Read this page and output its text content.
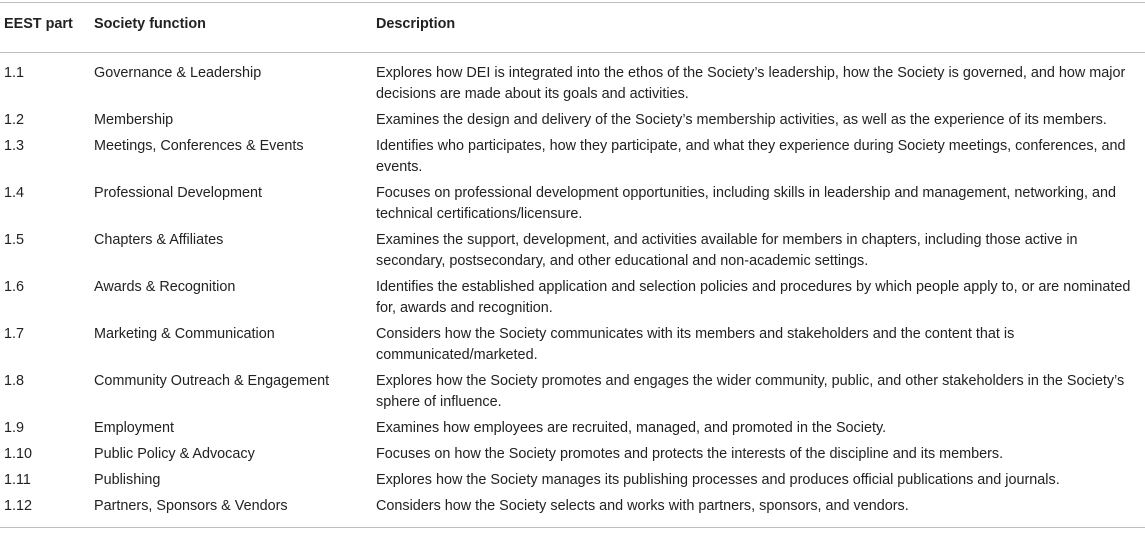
EEST part	Society function	Description
1.1	Governance & Leadership	Explores how DEI is integrated into the ethos of the Society’s leadership, how the Society is governed, and how major decisions are made about its goals and activities.
1.2	Membership	Examines the design and delivery of the Society’s membership activities, as well as the experience of its members.
1.3	Meetings, Conferences & Events	Identifies who participates, how they participate, and what they experience during Society meetings, conferences, and events.
1.4	Professional Development	Focuses on professional development opportunities, including skills in leadership and management, networking, and technical certifications/licensure.
1.5	Chapters & Affiliates	Examines the support, development, and activities available for members in chapters, including those active in secondary, postsecondary, and other educational and non-academic settings.
1.6	Awards & Recognition	Identifies the established application and selection policies and procedures by which people apply to, or are nominated for, awards and recognition.
1.7	Marketing & Communication	Considers how the Society communicates with its members and stakeholders and the content that is communicated/marketed.
1.8	Community Outreach & Engagement	Explores how the Society promotes and engages the wider community, public, and other stakeholders in the Society’s sphere of influence.
1.9	Employment	Examines how employees are recruited, managed, and promoted in the Society.
1.10	Public Policy & Advocacy	Focuses on how the Society promotes and protects the interests of the discipline and its members.
1.11	Publishing	Explores how the Society manages its publishing processes and produces official publications and journals.
1.12	Partners, Sponsors & Vendors	Considers how the Society selects and works with partners, sponsors, and vendors.
